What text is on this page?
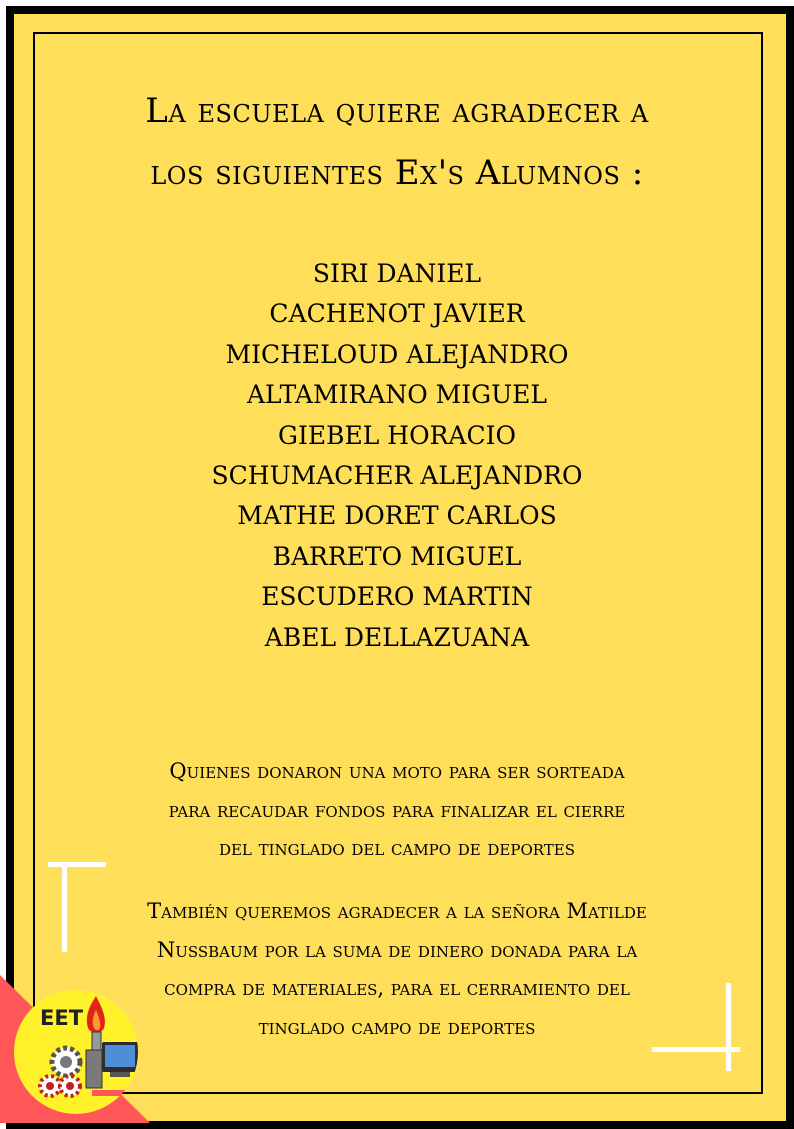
La escuela quiere agradecer a
los siguientes Ex's Alumnos :
SIRI DANIEL
CACHENOT JAVIER
MICHELOUD ALEJANDRO
ALTAMIRANO MIGUEL
GIEBEL HORACIO
SCHUMACHER ALEJANDRO
MATHE DORET CARLOS
BARRETO MIGUEL
ESCUDERO MARTIN
ABEL DELLAZUANA
Quienes donaron una moto para ser sorteada
para recaudar fondos para finalizar el cierre
del tinglado del campo de deportes
También queremos agradecer a la señora Matilde
Nussbaum por la suma de dinero donada para la
compra de materiales, para el cerramiento del
tinglado campo de deportes
EET
